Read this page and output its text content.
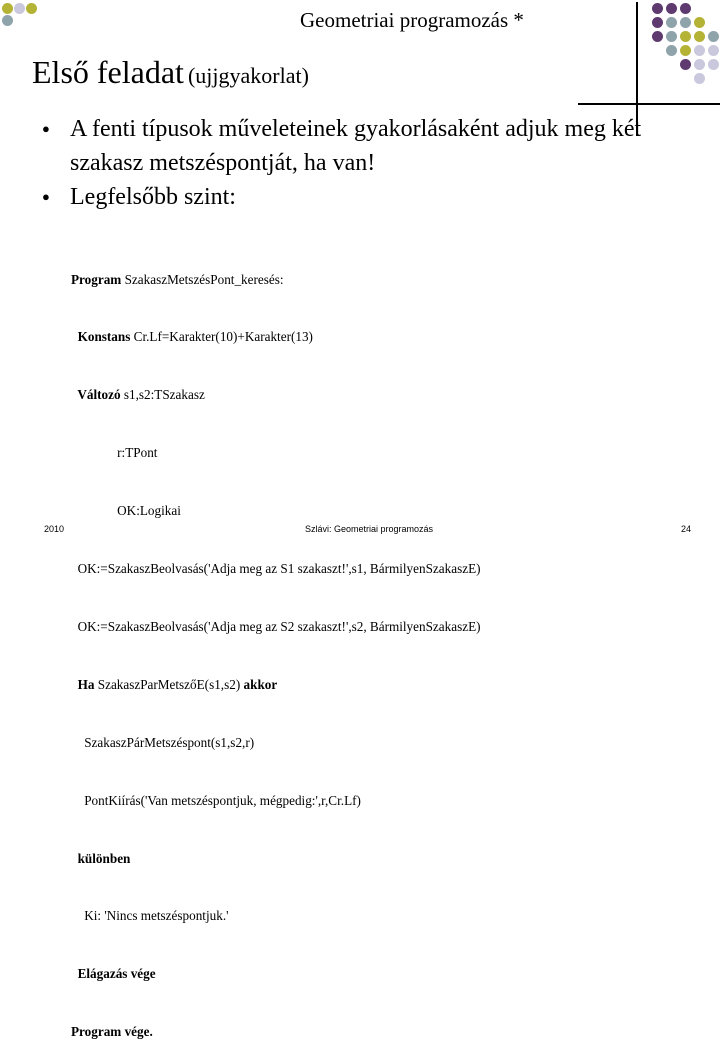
Geometriai programozás *
Első feladat (ujjgyakorlat)
● A fenti típusok műveleteinek gyakorlásaként adjuk meg két szakasz metszéspontját, ha van!
● Legfelsőbb szint:

Program SzakaszMetszésPont_keresés:

Konstans Cr.Lf=Karakter(10)+Karakter(13)

Változó s1,s2:TSzakasz

r:TPont

OK:Logikai

OK:=SzakaszBeolvasás('Adja meg az S1 szakaszt!',s1, BármilyenSzakaszE)

OK:=SzakaszBeolvasás('Adja meg az S2 szakaszt!',s2, BármilyenSzakaszE)

Ha SzakaszParMetszőE(s1,s2) akkor

SzakaszPárMetszéspont(s1,s2,r)

PontKiírás('Van metszéspontjuk, mégpedig:',r,Cr.Lf)

különben

Ki: 'Nincs metszéspontjuk.'

Elágazás vége

Program vége.

2010	Szlávi: Geometriai programozás	24
